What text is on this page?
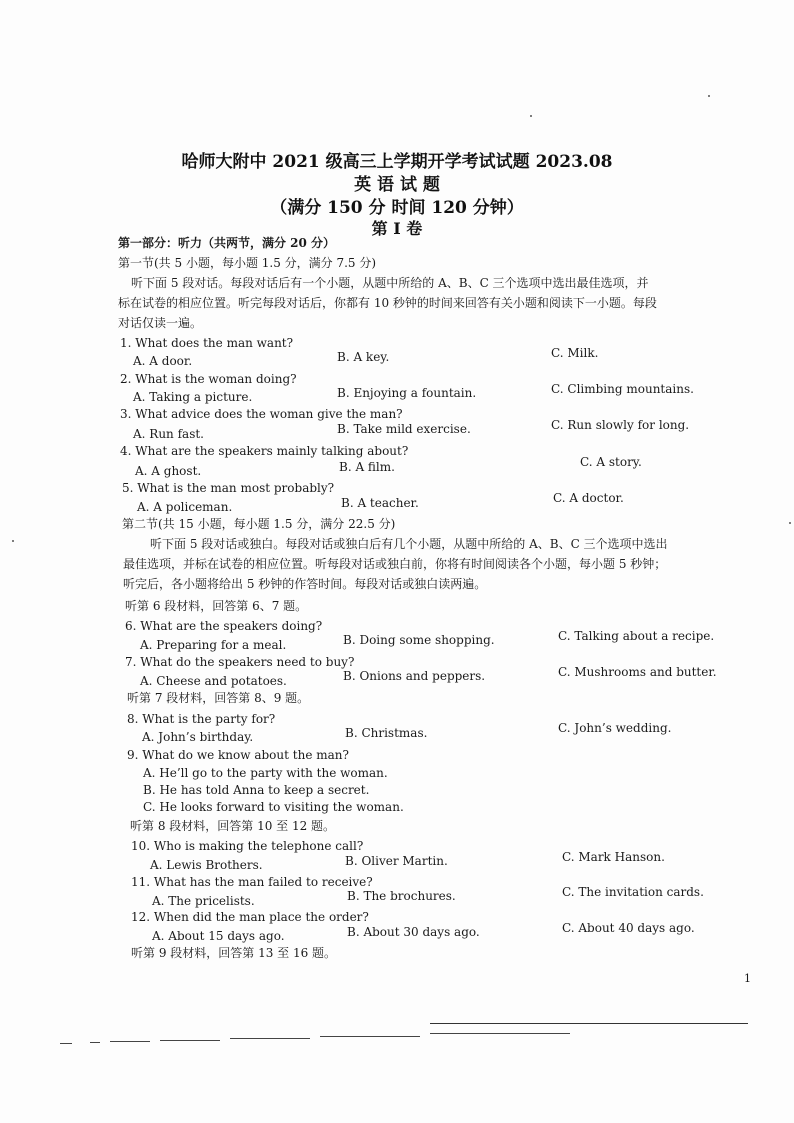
哈师大附中 2021 级高三上学期开学考试试题 2023.08
英 语 试 题
（满分 150 分 时间 120 分钟）
第 I 卷
第一部分：听力（共两节，满分 20 分）
第一节(共 5 小题，每小题 1.5 分，满分 7.5 分)
听下面 5 段对话。每段对话后有一个小题，从题中所给的 A、B、C 三个选项中选出最佳选项，并
标在试卷的相应位置。听完每段对话后，你都有 10 秒钟的时间来回答有关小题和阅读下一小题。每段
对话仅读一遍。
1. What does the man want?
A. A door.	B. A key.	C. Milk.
2. What is the woman doing?
A. Taking a picture.	B. Enjoying a fountain.	C. Climbing mountains.
3. What advice does the woman give the man?
A. Run fast.	B. Take mild exercise.	C. Run slowly for long.
4. What are the speakers mainly talking about?
A. A ghost.	B. A film.	C. A story.
5. What is the man most probably?
A. A policeman.	B. A teacher.	C. A doctor.
第二节(共 15 小题，每小题 1.5 分，满分 22.5 分)
听下面 5 段对话或独白。每段对话或独白后有几个小题，从题中所给的 A、B、C 三个选项中选出
最佳选项，并标在试卷的相应位置。听每段对话或独白前，你将有时间阅读各个小题，每小题 5 秒钟；
听完后，各小题将给出 5 秒钟的作答时间。每段对话或独白读两遍。
听第 6 段材料，回答第 6、7 题。
6. What are the speakers doing?
A. Preparing for a meal.	B. Doing some shopping.	C. Talking about a recipe.
7. What do the speakers need to buy?
A. Cheese and potatoes.	B. Onions and peppers.	C. Mushrooms and butter.
听第 7 段材料，回答第 8、9 题。
8. What is the party for?
A. John’s birthday.	B. Christmas.	C. John’s wedding.
9. What do we know about the man?
A. He’ll go to the party with the woman.
B. He has told Anna to keep a secret.
C. He looks forward to visiting the woman.
听第 8 段材料，回答第 10 至 12 题。
10. Who is making the telephone call?
A. Lewis Brothers.	B. Oliver Martin.	C. Mark Hanson.
11. What has the man failed to receive?
A. The pricelists.	B. The brochures.	C. The invitation cards.
12. When did the man place the order?
A. About 15 days ago.	B. About 30 days ago.	C. About 40 days ago.
听第 9 段材料，回答第 13 至 16 题。
1
